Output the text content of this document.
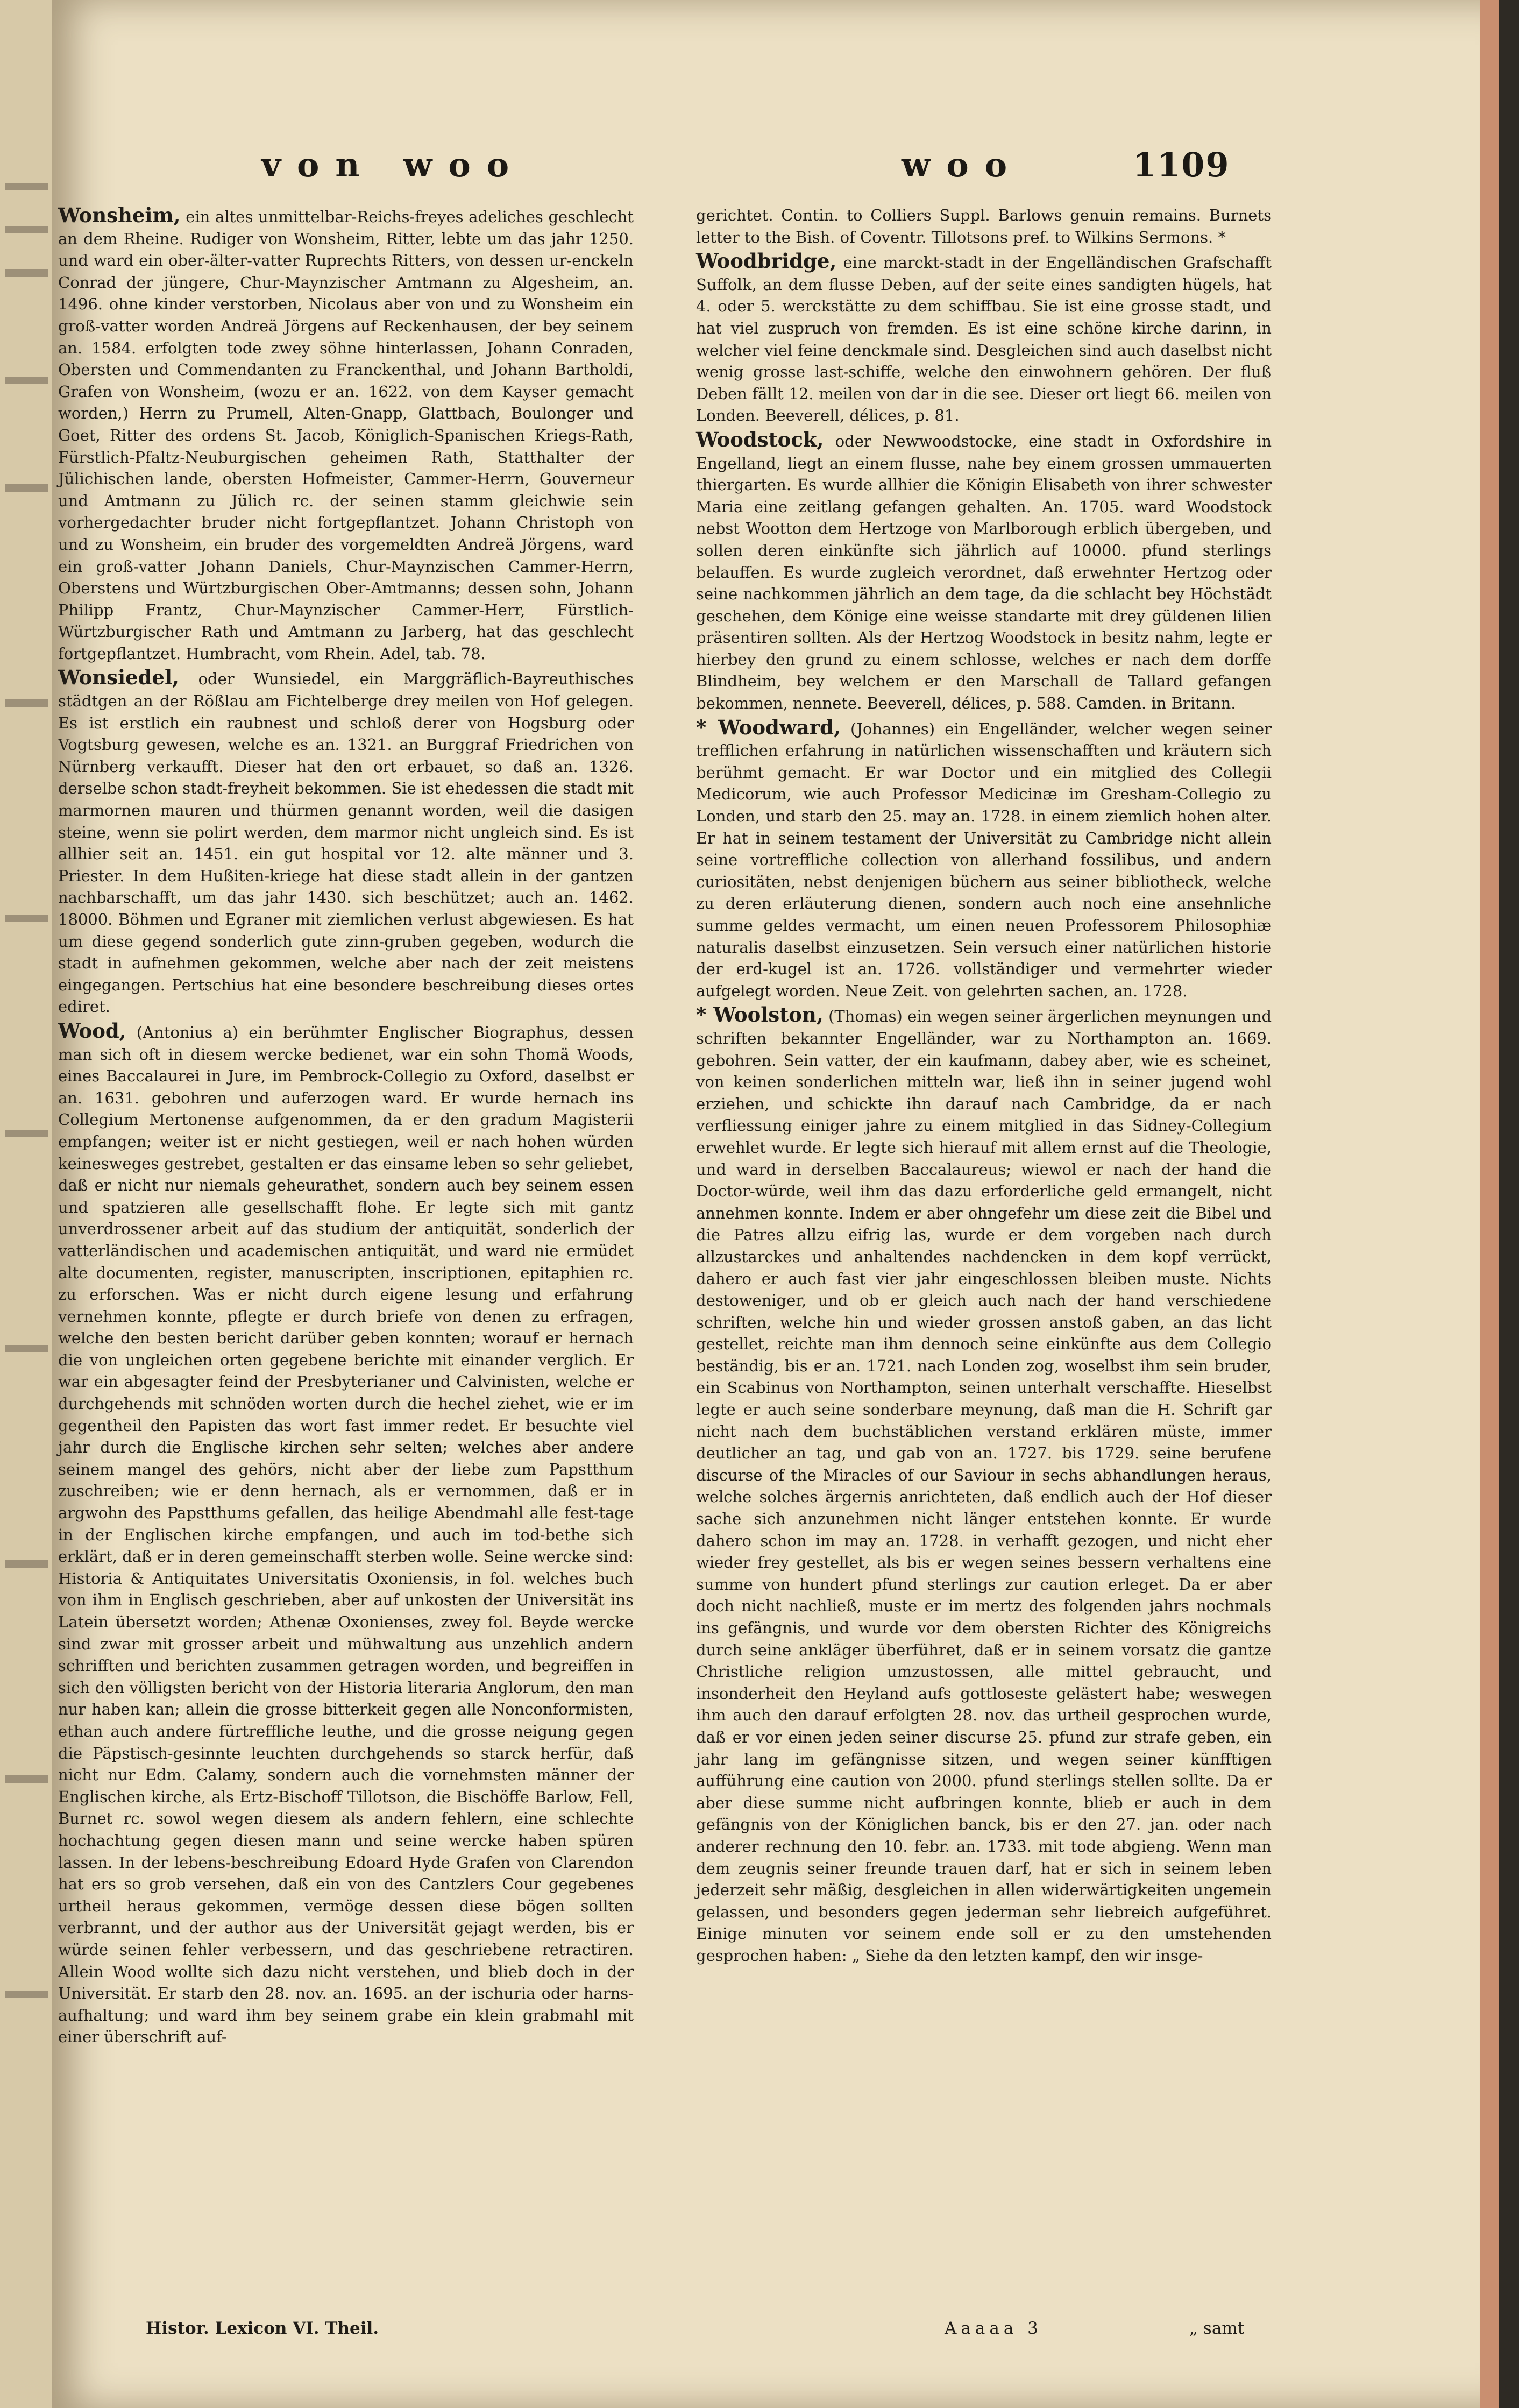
von woo	woo	1109

Wonsheim, ein altes unmittelbar-Reichs-freyes adeliches geschlecht an dem Rheine. Rudiger von Wonsheim, Ritter, lebte um das jahr 1250. und ward ein ober-älter-vatter Ruprechts Ritters, von dessen ur-enckeln Conrad der jüngere, Chur-Maynzischer Amtmann zu Algesheim, an. 1496. ohne kinder verstorben, Nicolaus aber von und zu Wonsheim ein groß-vatter worden Andreä Jörgens auf Reckenhausen, der bey seinem an. 1584. erfolgten tode zwey söhne hinterlassen, Johann Conraden, Obersten und Commendanten zu Franckenthal, und Johann Bartholdi, Grafen von Wonsheim, (wozu er an. 1622. von dem Kayser gemacht worden,) Herrn zu Prumell, Alten-Gnapp, Glattbach, Boulonger und Goet, Ritter des ordens St. Jacob, Königlich-Spanischen Kriegs-Rath, Fürstlich-Pfaltz-Neuburgischen geheimen Rath, Statthalter der Jülichischen lande, obersten Hofmeister, Cammer-Herrn, Gouverneur und Amtmann zu Jülich rc. der seinen stamm gleichwie sein vorhergedachter bruder nicht fortgepflantzet. Johann Christoph von und zu Wonsheim, ein bruder des vorgemeldten Andreä Jörgens, ward ein groß-vatter Johann Daniels, Chur-Maynzischen Cammer-Herrn, Oberstens und Würtzburgischen Ober-Amtmanns; dessen sohn, Johann Philipp Frantz, Chur-Maynzischer Cammer-Herr, Fürstlich-Würtzburgischer Rath und Amtmann zu Jarberg, hat das geschlecht fortgepflantzet. Humbracht, vom Rhein. Adel, tab. 78.

Wonsiedel, oder Wunsiedel, ein Marggräflich-Bayreuthisches städtgen an der Rößlau am Fichtelberge drey meilen von Hof gelegen. Es ist erstlich ein raubnest und schloß derer von Hogsburg oder Vogtsburg gewesen, welche es an. 1321. an Burggraf Friedrichen von Nürnberg verkaufft. Dieser hat den ort erbauet, so daß an. 1326. derselbe schon stadt-freyheit bekommen. Sie ist ehedessen die stadt mit marmornen mauren und thürmen genannt worden, weil die dasigen steine, wenn sie polirt werden, dem marmor nicht ungleich sind. Es ist allhier seit an. 1451. ein gut hospital vor 12. alte männer und 3. Priester. In dem Hußiten-kriege hat diese stadt allein in der gantzen nachbarschafft, um das jahr 1430. sich beschützet; auch an. 1462. 18000. Böhmen und Egraner mit ziemlichen verlust abgewiesen. Es hat um diese gegend sonderlich gute zinn-gruben gegeben, wodurch die stadt in aufnehmen gekommen, welche aber nach der zeit meistens eingegangen. Pertschius hat eine besondere beschreibung dieses ortes ediret.

Wood, (Antonius a) ein berühmter Englischer Biographus, dessen man sich oft in diesem wercke bedienet, war ein sohn Thomä Woods, eines Baccalaurei in Jure, im Pembrock-Collegio zu Oxford, daselbst er an. 1631. gebohren und auferzogen ward. Er wurde hernach ins Collegium Mertonense aufgenommen, da er den gradum Magisterii empfangen; weiter ist er nicht gestiegen, weil er nach hohen würden keinesweges gestrebet, gestalten er das einsame leben so sehr geliebet, daß er nicht nur niemals geheurathet, sondern auch bey seinem essen und spatzieren alle gesellschafft flohe. Er legte sich mit gantz unverdrossener arbeit auf das studium der antiquität, sonderlich der vatterländischen und academischen antiquität, und ward nie ermüdet alte documenten, register, manuscripten, inscriptionen, epitaphien rc. zu erforschen. Was er nicht durch eigene lesung und erfahrung vernehmen konnte, pflegte er durch briefe von denen zu erfragen, welche den besten bericht darüber geben konnten; worauf er hernach die von ungleichen orten gegebene berichte mit einander verglich. Er war ein abgesagter feind der Presbyterianer und Calvinisten, welche er durchgehends mit schnöden worten durch die hechel ziehet, wie er im gegentheil den Papisten das wort fast immer redet. Er besuchte viel jahr durch die Englische kirchen sehr selten; welches aber andere seinem mangel des gehörs, nicht aber der liebe zum Papstthum zuschreiben; wie er denn hernach, als er vernommen, daß er in argwohn des Papstthums gefallen, das heilige Abendmahl alle fest-tage in der Englischen kirche empfangen, und auch im tod-bethe sich erklärt, daß er in deren gemeinschafft sterben wolle. Seine wercke sind: Historia & Antiquitates Universitatis Oxoniensis, in fol. welches buch von ihm in Englisch geschrieben, aber auf unkosten der Universität ins Latein übersetzt worden; Athenæ Oxonienses, zwey fol. Beyde wercke sind zwar mit grosser arbeit und mühwaltung aus unzehlich andern schrifften und berichten zusammen getragen worden, und begreiffen in sich den völligsten bericht von der Historia literaria Anglorum, den man nur haben kan; allein die grosse bitterkeit gegen alle Nonconformisten, ethan auch andere fürtreffliche leuthe, und die grosse neigung gegen die Päpstisch-gesinnte leuchten durchgehends so starck herfür, daß nicht nur Edm. Calamy, sondern auch die vornehmsten männer der Englischen kirche, als Ertz-Bischoff Tillotson, die Bischöffe Barlow, Fell, Burnet rc. sowol wegen diesem als andern fehlern, eine schlechte hochachtung gegen diesen mann und seine wercke haben spüren lassen. In der lebens-beschreibung Edoard Hyde Grafen von Clarendon hat ers so grob versehen, daß ein von des Cantzlers Cour gegebenes urtheil heraus gekommen, vermöge dessen diese bögen sollten verbrannt, und der author aus der Universität gejagt werden, bis er würde seinen fehler verbessern, und das geschriebene retractiren. Allein Wood wollte sich dazu nicht verstehen, und blieb doch in der Universität. Er starb den 28. nov. an. 1695. an der ischuria oder harns-aufhaltung; und ward ihm bey seinem grabe ein klein grabmahl mit einer überschrift auf-

gerichtet. Contin. to Colliers Suppl. Barlows genuin remains. Burnets letter to the Bish. of Coventr. Tillotsons pref. to Wilkins Sermons. *

Woodbridge, eine marckt-stadt in der Engelländischen Grafschafft Suffolk, an dem flusse Deben, auf der seite eines sandigten hügels, hat 4. oder 5. werckstätte zu dem schiffbau. Sie ist eine grosse stadt, und hat viel zuspruch von fremden. Es ist eine schöne kirche darinn, in welcher viel feine denckmale sind. Desgleichen sind auch daselbst nicht wenig grosse last-schiffe, welche den einwohnern gehören. Der fluß Deben fällt 12. meilen von dar in die see. Dieser ort liegt 66. meilen von Londen. Beeverell, délices, p. 81.

Woodstock, oder Newwoodstocke, eine stadt in Oxfordshire in Engelland, liegt an einem flusse, nahe bey einem grossen ummauerten thiergarten. Es wurde allhier die Königin Elisabeth von ihrer schwester Maria eine zeitlang gefangen gehalten. An. 1705. ward Woodstock nebst Wootton dem Hertzoge von Marlborough erblich übergeben, und sollen deren einkünfte sich jährlich auf 10000. pfund sterlings belauffen. Es wurde zugleich verordnet, daß erwehnter Hertzog oder seine nachkommen jährlich an dem tage, da die schlacht bey Höchstädt geschehen, dem Könige eine weisse standarte mit drey güldenen lilien präsentiren sollten. Als der Hertzog Woodstock in besitz nahm, legte er hierbey den grund zu einem schlosse, welches er nach dem dorffe Blindheim, bey welchem er den Marschall de Tallard gefangen bekommen, nennete. Beeverell, délices, p. 588. Camden. in Britann.

* Woodward, (Johannes) ein Engelländer, welcher wegen seiner trefflichen erfahrung in natürlichen wissenschafften und kräutern sich berühmt gemacht. Er war Doctor und ein mitglied des Collegii Medicorum, wie auch Professor Medicinæ im Gresham-Collegio zu Londen, und starb den 25. may an. 1728. in einem ziemlich hohen alter. Er hat in seinem testament der Universität zu Cambridge nicht allein seine vortreffliche collection von allerhand fossilibus, und andern curiositäten, nebst denjenigen büchern aus seiner bibliotheck, welche zu deren erläuterung dienen, sondern auch noch eine ansehnliche summe geldes vermacht, um einen neuen Professorem Philosophiæ naturalis daselbst einzusetzen. Sein versuch einer natürlichen historie der erd-kugel ist an. 1726. vollständiger und vermehrter wieder aufgelegt worden. Neue Zeit. von gelehrten sachen, an. 1728.

* Woolston, (Thomas) ein wegen seiner ärgerlichen meynungen und schriften bekannter Engelländer, war zu Northampton an. 1669. gebohren. Sein vatter, der ein kaufmann, dabey aber, wie es scheinet, von keinen sonderlichen mitteln war, ließ ihn in seiner jugend wohl erziehen, und schickte ihn darauf nach Cambridge, da er nach verfliessung einiger jahre zu einem mitglied in das Sidney-Collegium erwehlet wurde. Er legte sich hierauf mit allem ernst auf die Theologie, und ward in derselben Baccalaureus; wiewol er nach der hand die Doctor-würde, weil ihm das dazu erforderliche geld ermangelt, nicht annehmen konnte. Indem er aber ohngefehr um diese zeit die Bibel und die Patres allzu eifrig las, wurde er dem vorgeben nach durch allzustarckes und anhaltendes nachdencken in dem kopf verrückt, dahero er auch fast vier jahr eingeschlossen bleiben muste. Nichts destoweniger, und ob er gleich auch nach der hand verschiedene schriften, welche hin und wieder grossen anstoß gaben, an das licht gestellet, reichte man ihm dennoch seine einkünfte aus dem Collegio beständig, bis er an. 1721. nach Londen zog, woselbst ihm sein bruder, ein Scabinus von Northampton, seinen unterhalt verschaffte. Hieselbst legte er auch seine sonderbare meynung, daß man die H. Schrift gar nicht nach dem buchstäblichen verstand erklären müste, immer deutlicher an tag, und gab von an. 1727. bis 1729. seine berufene discurse of the Miracles of our Saviour in sechs abhandlungen heraus, welche solches ärgernis anrichteten, daß endlich auch der Hof dieser sache sich anzunehmen nicht länger entstehen konnte. Er wurde dahero schon im may an. 1728. in verhafft gezogen, und nicht eher wieder frey gestellet, als bis er wegen seines bessern verhaltens eine summe von hundert pfund sterlings zur caution erleget. Da er aber doch nicht nachließ, muste er im mertz des folgenden jahrs nochmals ins gefängnis, und wurde vor dem obersten Richter des Königreichs durch seine ankläger überführet, daß er in seinem vorsatz die gantze Christliche religion umzustossen, alle mittel gebraucht, und insonderheit den Heyland aufs gottloseste gelästert habe; weswegen ihm auch den darauf erfolgten 28. nov. das urtheil gesprochen wurde, daß er vor einen jeden seiner discurse 25. pfund zur strafe geben, ein jahr lang im gefängnisse sitzen, und wegen seiner künfftigen aufführung eine caution von 2000. pfund sterlings stellen sollte. Da er aber diese summe nicht aufbringen konnte, blieb er auch in dem gefängnis von der Königlichen banck, bis er den 27. jan. oder nach anderer rechnung den 10. febr. an. 1733. mit tode abgieng. Wenn man dem zeugnis seiner freunde trauen darf, hat er sich in seinem leben jederzeit sehr mäßig, desgleichen in allen widerwärtigkeiten ungemein gelassen, und besonders gegen jederman sehr liebreich aufgeführet. Einige minuten vor seinem ende soll er zu den umstehenden gesprochen haben: „ Siehe da den letzten kampf, den wir insge-

Histor. Lexicon VI. Theil.	Aaaaa 3	„ samt
